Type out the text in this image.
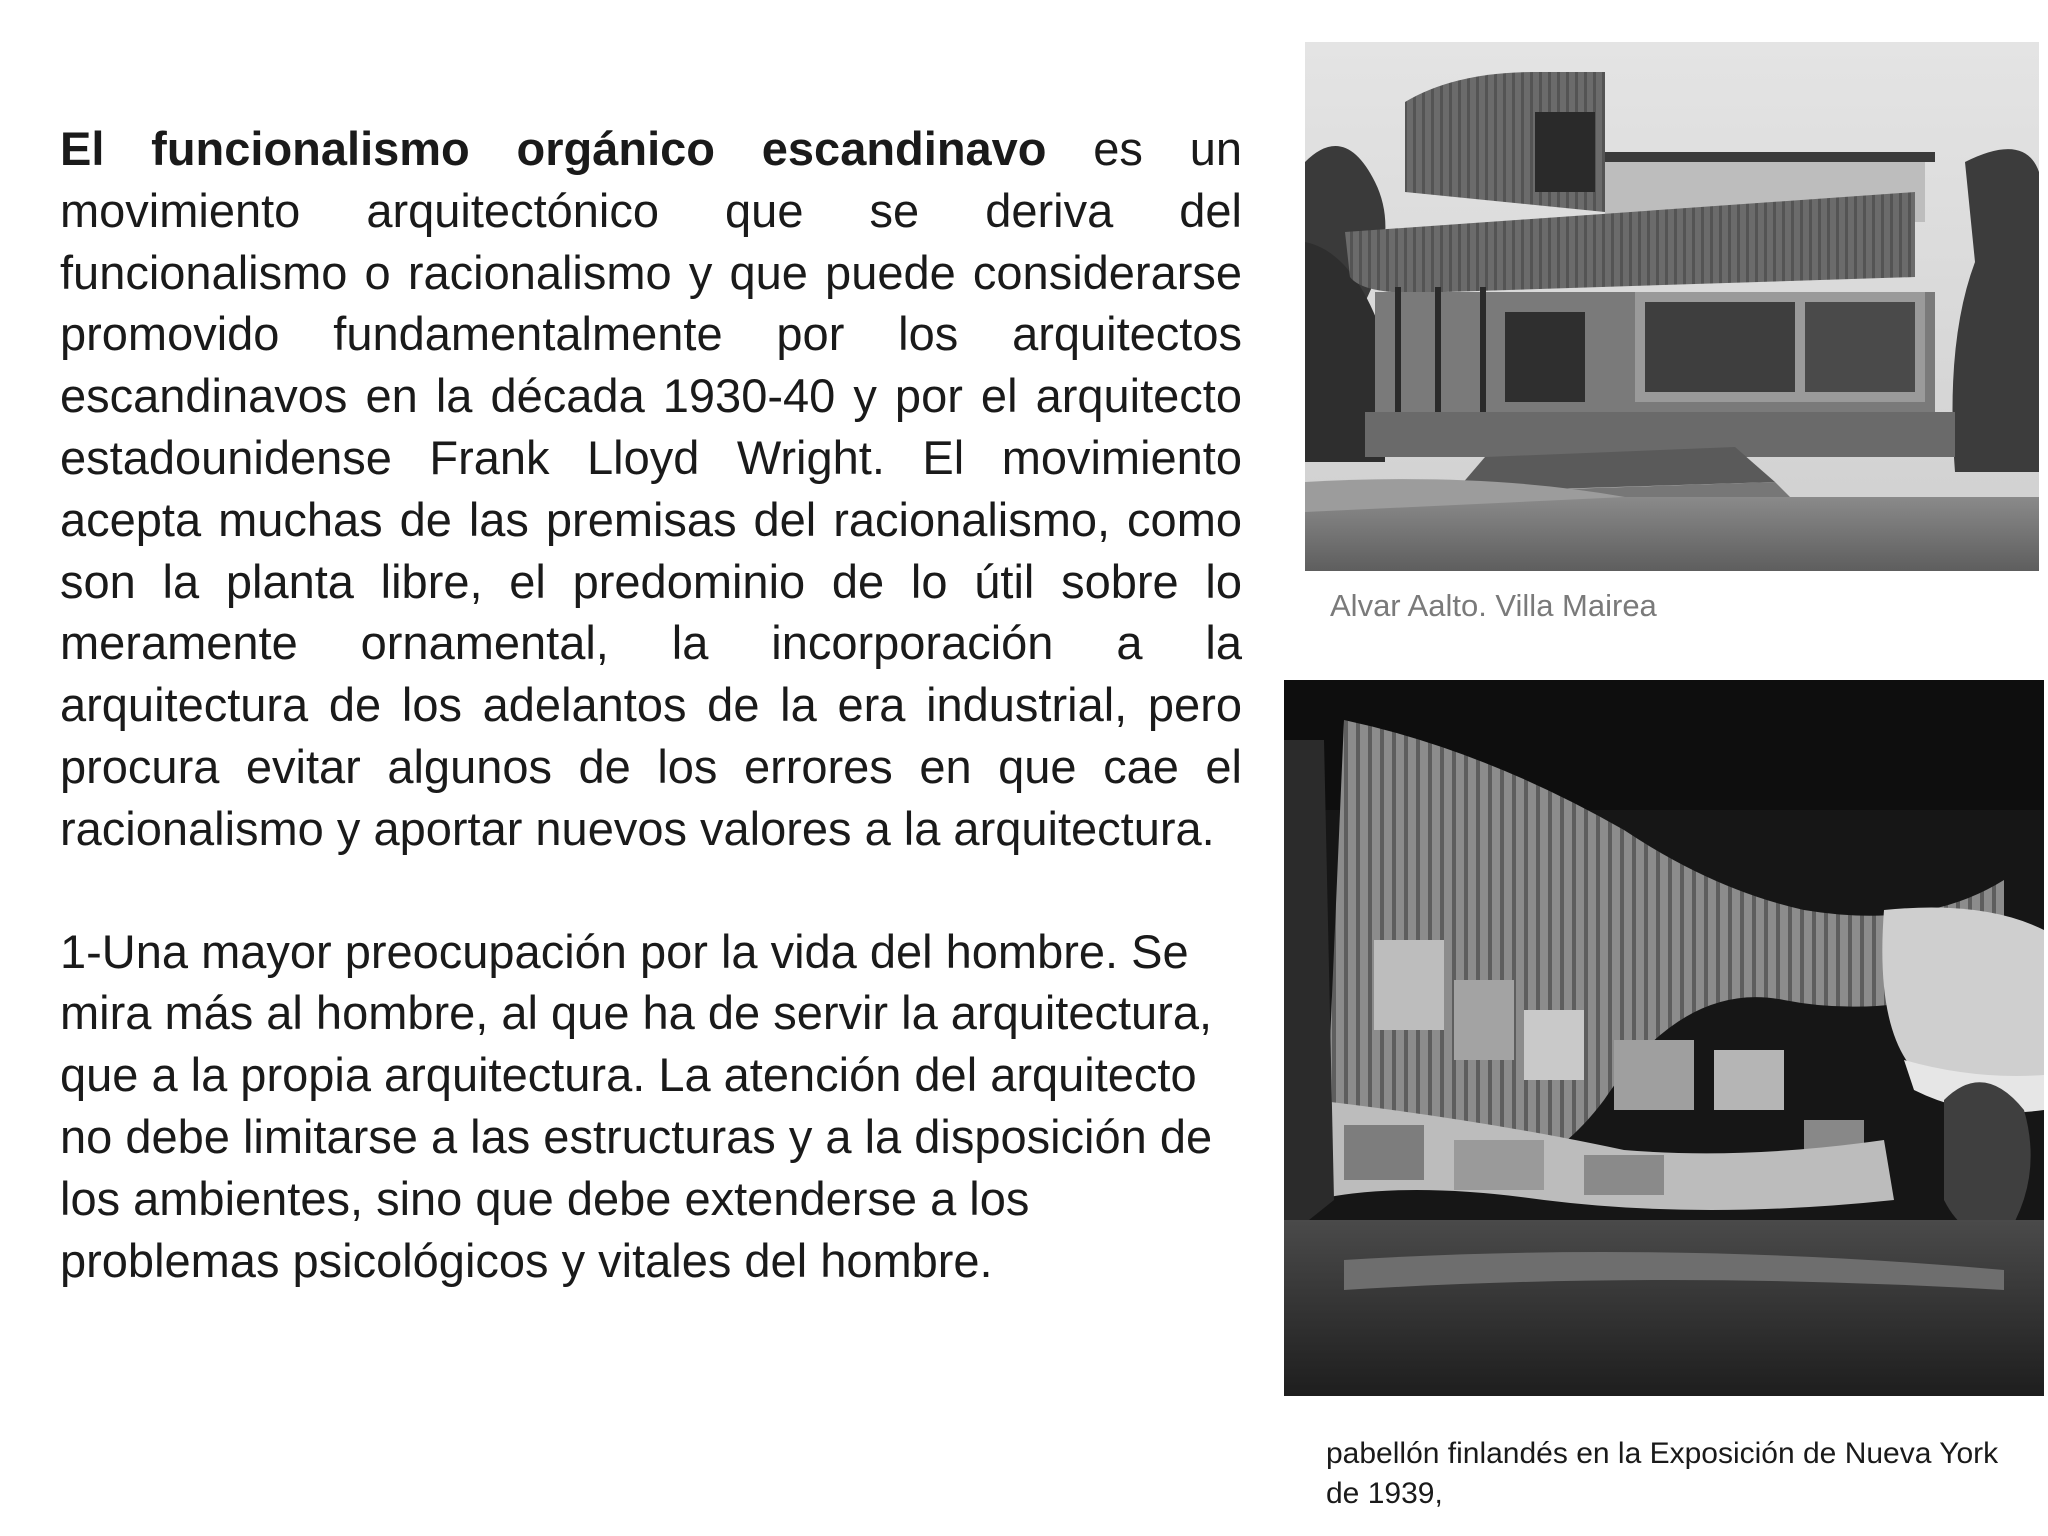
El funcionalismo orgánico escandinavo es un movimiento arquitectónico que se deriva del funcionalismo o racionalismo y que puede considerarse promovido fundamentalmente por los arquitectos escandinavos en la década 1930-40 y por el arquitecto estadounidense Frank Lloyd Wright. El movimiento acepta muchas de las premisas del racionalismo, como son la planta libre, el predominio de lo útil sobre lo meramente ornamental, la incorporación a la arquitectura de los adelantos de la era industrial, pero procura evitar algunos de los errores en que cae el racionalismo y aportar nuevos valores a la arquitectura.

1-Una mayor preocupación por la vida del hombre. Se mira más al hombre, al que ha de servir la arquitectura, que a la propia arquitectura. La atención del arquitecto no debe limitarse a las estructuras y a la disposición de los ambientes, sino que debe extenderse a los problemas psicológicos y vitales del hombre.

Alvar Aalto. Villa Mairea
pabellón finlandés en la Exposición de Nueva York de 1939,
